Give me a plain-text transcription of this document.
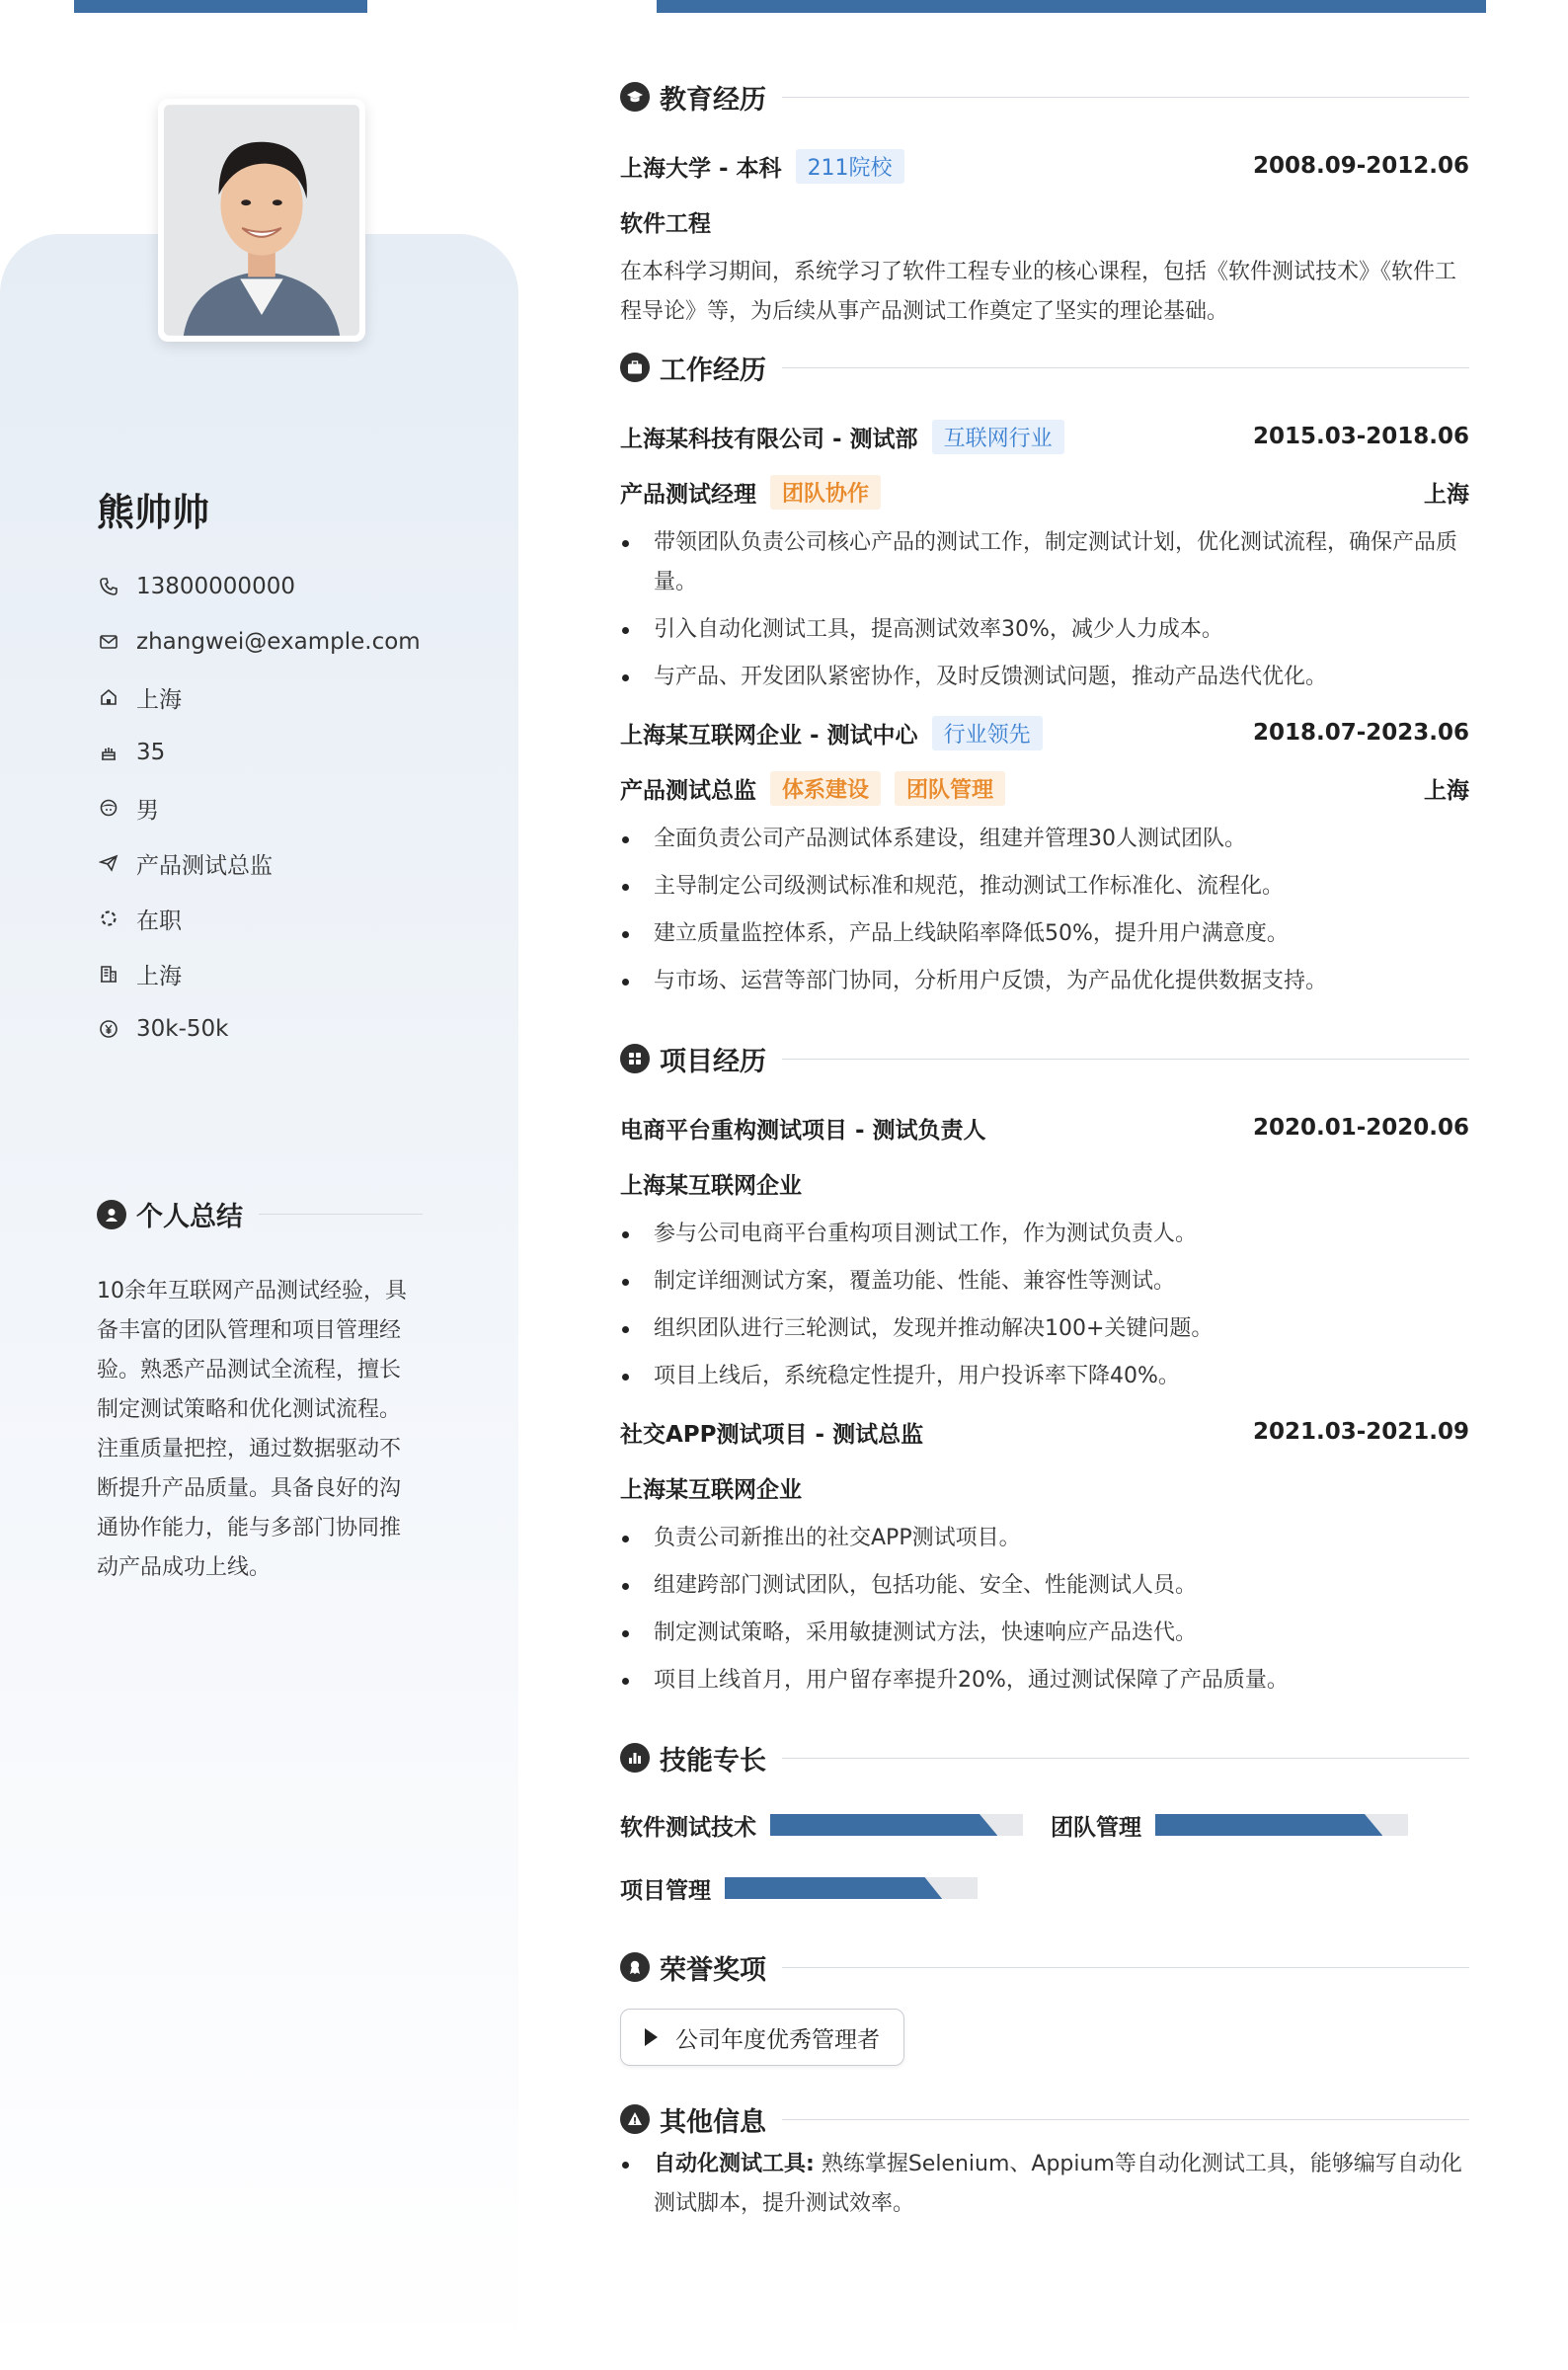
熊帅帅
13800000000
zhangwei@example.com
上海
35
男
产品测试总监
在职
上海
30k-50k
个人总结
10余年互联网产品测试经验，具备丰富的团队管理和项目管理经验。熟悉产品测试全流程，擅长制定测试策略和优化测试流程。注重质量把控，通过数据驱动不断提升产品质量。具备良好的沟通协作能力，能与多部门协同推动产品成功上线。
教育经历
上海大学 - 本科	211院校	2008.09-2012.06
软件工程
在本科学习期间，系统学习了软件工程专业的核心课程，包括《软件测试技术》《软件工程导论》等，为后续从事产品测试工作奠定了坚实的理论基础。
工作经历
上海某科技有限公司 - 测试部	互联网行业	2015.03-2018.06
产品测试经理	团队协作	上海
带领团队负责公司核心产品的测试工作，制定测试计划，优化测试流程，确保产品质量。
引入自动化测试工具，提高测试效率30%，减少人力成本。
与产品、开发团队紧密协作，及时反馈测试问题，推动产品迭代优化。
上海某互联网企业 - 测试中心	行业领先	2018.07-2023.06
产品测试总监	体系建设	团队管理	上海
全面负责公司产品测试体系建设，组建并管理30人测试团队。
主导制定公司级测试标准和规范，推动测试工作标准化、流程化。
建立质量监控体系，产品上线缺陷率降低50%，提升用户满意度。
与市场、运营等部门协同，分析用户反馈，为产品优化提供数据支持。
项目经历
电商平台重构测试项目 - 测试负责人	2020.01-2020.06
上海某互联网企业
参与公司电商平台重构项目测试工作，作为测试负责人。
制定详细测试方案，覆盖功能、性能、兼容性等测试。
组织团队进行三轮测试，发现并推动解决100+关键问题。
项目上线后，系统稳定性提升，用户投诉率下降40%。
社交APP测试项目 - 测试总监	2021.03-2021.09
上海某互联网企业
负责公司新推出的社交APP测试项目。
组建跨部门测试团队，包括功能、安全、性能测试人员。
制定测试策略，采用敏捷测试方法，快速响应产品迭代。
项目上线首月，用户留存率提升20%，通过测试保障了产品质量。
技能专长
软件测试技术	团队管理
项目管理
荣誉奖项
公司年度优秀管理者
其他信息
自动化测试工具: 熟练掌握Selenium、Appium等自动化测试工具，能够编写自动化测试脚本，提升测试效率。
